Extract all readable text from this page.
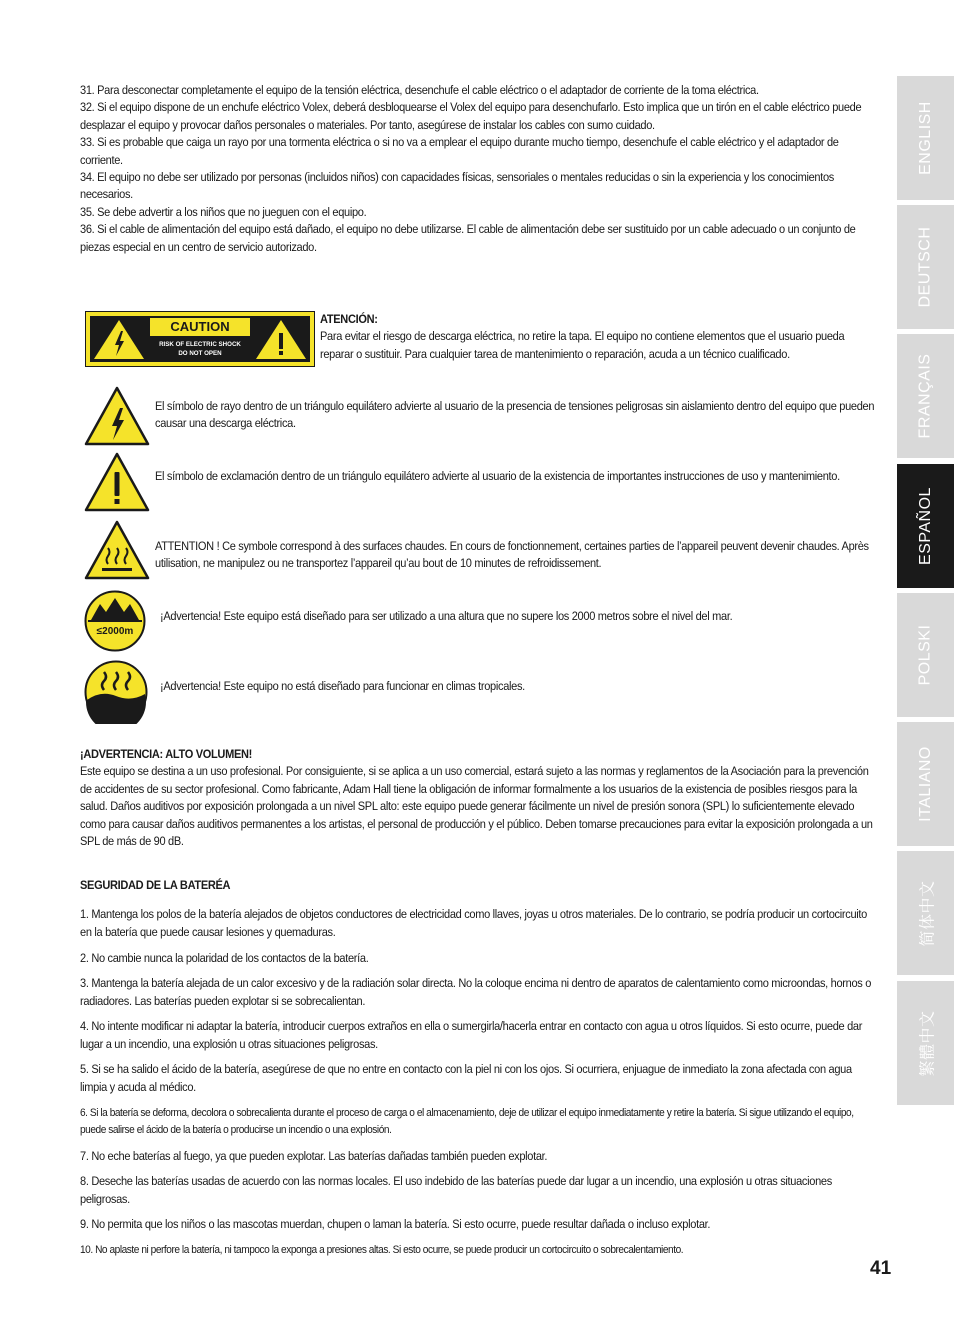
31. Para desconectar completamente el equipo de la tensión eléctrica, desenchufe el cable eléctrico o el adaptador de corriente de la toma eléctrica.

32. Si el equipo dispone de un enchufe eléctrico Volex, deberá desbloquearse el Volex del equipo para desenchufarlo. Esto implica que un tirón en el cable eléctrico puede desplazar el equipo y provocar daños personales o materiales. Por tanto, asegúrese de instalar los cables con sumo cuidado.

33. Si es probable que caiga un rayo por una tormenta eléctrica o si no va a emplear el equipo durante mucho tiempo, desenchufe el cable eléctrico y el adaptador de corriente.

34. El equipo no debe ser utilizado por personas (incluidos niños) con capacidades físicas, sensoriales o mentales reducidas o sin la experiencia y los conocimientos necesarios.

35. Se debe advertir a los niños que no jueguen con el equipo.

36. Si el cable de alimentación del equipo está dañado, el equipo no debe utilizarse. El cable de alimentación debe ser sustituido por un cable adecuado o un conjunto de piezas especial en un centro de servicio autorizado.

CAUTION
RISK OF ELECTRIC SHOCK
DO NOT OPEN

ATENCIÓN:

Para evitar el riesgo de descarga eléctrica, no retire la tapa. El equipo no contiene elementos que el usuario pueda reparar o sustituir. Para cualquier tarea de mantenimiento o reparación, acuda a un técnico cualificado.

El símbolo de rayo dentro de un triángulo equilátero advierte al usuario de la presencia de tensiones peligrosas sin aislamiento dentro del equipo que pueden causar una descarga eléctrica.
El símbolo de exclamación dentro de un triángulo equilátero advierte al usuario de la existencia de importantes instrucciones de uso y mantenimiento.
ATTENTION ! Ce symbole correspond à des surfaces chaudes. En cours de fonctionnement, certaines parties de l’appareil peuvent devenir chaudes. Après utilisation, ne manipulez ou ne transportez l’appareil qu’au bout de 10 minutes de refroidissement.
≤2000m
¡Advertencia! Este equipo está diseñado para ser utilizado a una altura que no supere los 2000 metros sobre el nivel del mar.
¡Advertencia! Este equipo no está diseñado para funcionar en climas tropicales.

¡ADVERTENCIA: ALTO VOLUMEN!

Este equipo se destina a un uso profesional. Por consiguiente, si se aplica a un uso comercial, estará sujeto a las normas y reglamentos de la Asociación para la prevención de accidentes de su sector profesional. Como fabricante, Adam Hall tiene la obligación de informar formalmente a los usuarios de la existencia de posibles riesgos para la salud. Daños auditivos por exposición prolongada a un nivel SPL alto: este equipo puede generar fácilmente un nivel de presión sonora (SPL) lo suficientemente elevado como para causar daños auditivos permanentes a los artistas, el personal de producción y el público. Deben tomarse precauciones para evitar la exposición prolongada a un SPL de más de 90 dB.

SEGURIDAD DE LA BATERÉA

1. Mantenga los polos de la batería alejados de objetos conductores de electricidad como llaves, joyas u otros materiales. De lo contrario, se podría producir un cortocircuito en la batería que puede causar lesiones y quemaduras.

2. No cambie nunca la polaridad de los contactos de la batería.

3. Mantenga la batería alejada de un calor excesivo y de la radiación solar directa. No la coloque encima ni dentro de aparatos de calentamiento como microondas, hornos o radiadores. Las baterías pueden explotar si se sobrecalientan.

4. No intente modificar ni adaptar la batería, introducir cuerpos extraños en ella o sumergirla/hacerla entrar en contacto con agua u otros líquidos. Si esto ocurre, puede dar lugar a un incendio, una explosión u otras situaciones peligrosas.

5. Si se ha salido el ácido de la batería, asegúrese de que no entre en contacto con la piel ni con los ojos. Si ocurriera, enjuague de inmediato la zona afectada con agua limpia y acuda al médico.

6. Si la batería se deforma, decolora o sobrecalienta durante el proceso de carga o el almacenamiento, deje de utilizar el equipo inmediatamente y retire la batería. Si sigue utilizando el equipo, puede salirse el ácido de la batería o producirse un incendio o una explosión.

7. No eche baterías al fuego, ya que pueden explotar. Las baterías dañadas también pueden explotar.

8. Deseche las baterías usadas de acuerdo con las normas locales. El uso indebido de las baterías puede dar lugar a un incendio, una explosión u otras situaciones peligrosas.

9. No permita que los niños o las mascotas muerdan, chupen o laman la batería. Si esto ocurre, puede resultar dañada o incluso explotar.

10. No aplaste ni perfore la batería, ni tampoco la exponga a presiones altas. Si esto ocurre, se puede producir un cortocircuito o sobrecalentamiento.

ENGLISH
DEUTSCH
FRANÇAIS
ESPAÑOL
POLSKI
ITALIANO
简体中文
繁體中文
41
